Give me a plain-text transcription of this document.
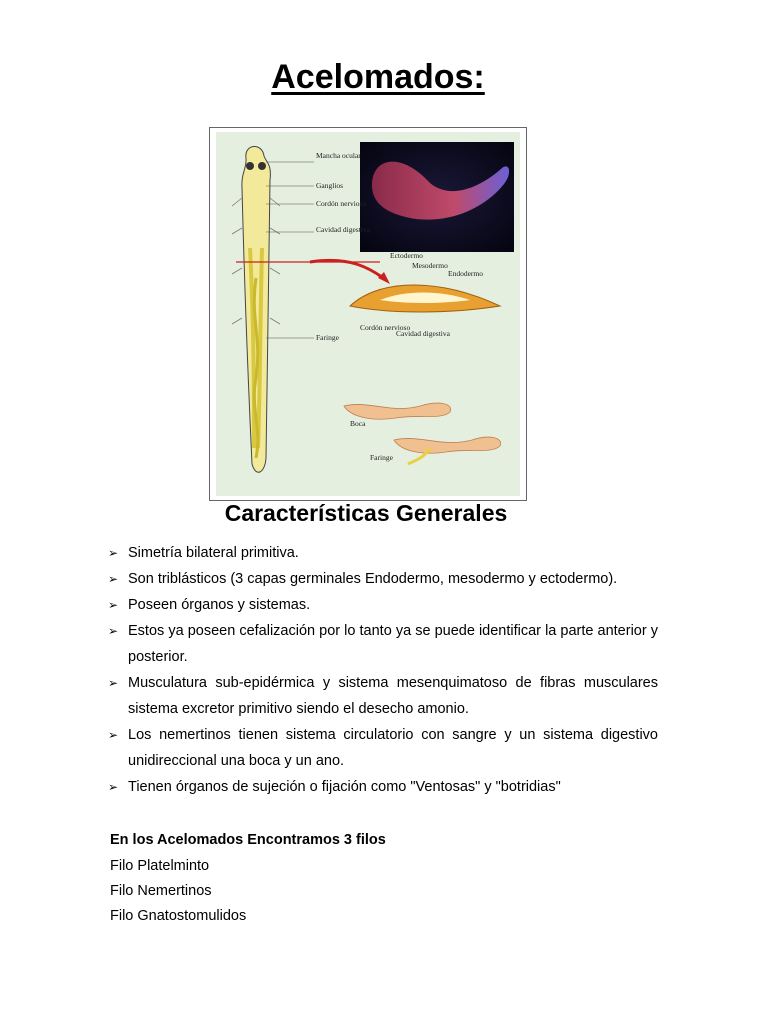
Acelomados:
Mancha ocular
Ganglios
Cordón nervioso
Cavidad digestiva
Faringe
Ectodermo
Mesodermo
Endodermo
Cordón nervioso
Cavidad digestiva
Boca
Faringe
Características Generales
➢ Simetría bilateral primitiva.
➢ Son triblásticos (3 capas germinales Endodermo, mesodermo y ectodermo).
➢ Poseen órganos y sistemas.
➢ Estos ya poseen cefalización por lo tanto ya se puede identificar la parte anterior y posterior.
➢ Musculatura sub-epidérmica y sistema mesenquimatoso de fibras musculares sistema excretor primitivo siendo el desecho amonio.
➢ Los nemertinos tienen sistema circulatorio con sangre y un sistema digestivo unidireccional una boca y un ano.
➢ Tienen órganos de sujeción o fijación como "Ventosas" y "botridias"

En los Acelomados Encontramos 3 filos

Filo Platelminto

Filo Nemertinos

Filo Gnatostomulidos
